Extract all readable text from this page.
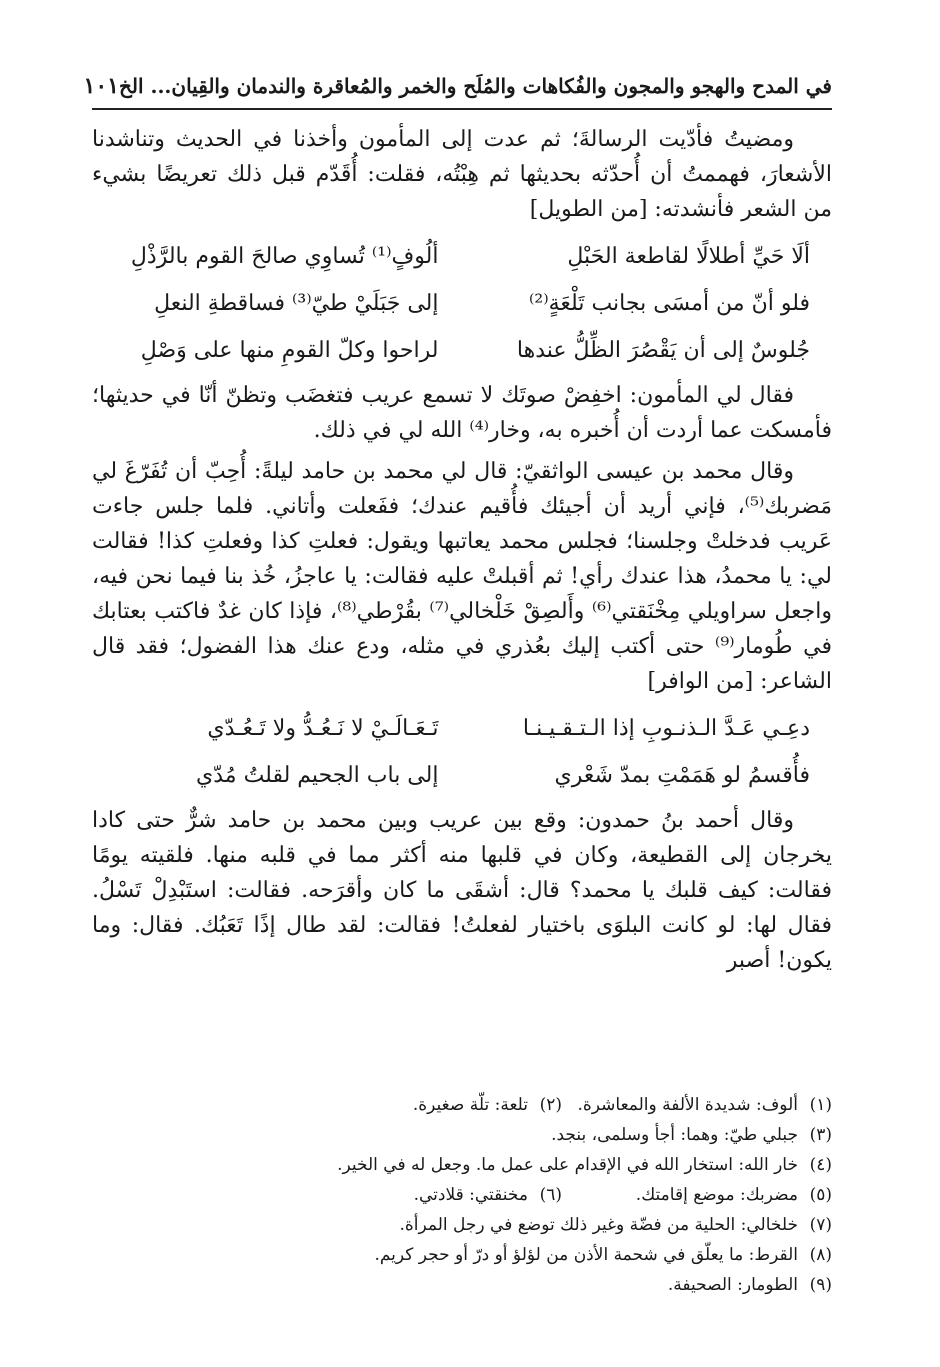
في المدح والهجو والمجون والفُكاهات والمُلَح والخمر والمُعاقرة والندمان والقِيان... الخ
١٠١

ومضيتُ فأدّيت الرسالةَ؛ ثم عدت إلى المأمون وأخذنا في الحديث وتناشدنا الأشعارَ، فهممتُ أن أُحدّثه بحديثها ثم هِبْتُه، فقلت: أُقَدّم قبل ذلك تعريضًا بشيء من الشعر فأنشدته: [من الطويل]

ألَا حَيِّ أطلالًا لقاطعة الحَبْلِ
ألُوفٍ⁽¹⁾ تُساوِي صالحَ القوم بالرَّذْلِ
فلو أنّ من أمسَى بجانب تَلْعَةٍ⁽²⁾
إلى جَبَلَيْ طيّ⁽³⁾ فساقطةِ النعلِ
جُلوسٌ إلى أن يَقْصُرَ الظِّلُّ عندها
لراحوا وكلّ القومِ منها على وَصْلِ

فقال لي المأمون: اخفِضْ صوتَك لا تسمع عريب فتغضَب وتظنّ أنّا في حديثها؛ فأمسكت عما أردت أن أُخبره به، وخار⁽⁴⁾ الله لي في ذلك.

وقال محمد بن عيسى الواثقيّ: قال لي محمد بن حامد ليلةً: أُحِبّ أن تُفَرّغَ لي مَضربك⁽⁵⁾، فإني أريد أن أجيئك فأُقيم عندك؛ ففَعلت وأتاني. فلما جلس جاءت عَريب فدخلتْ وجلسنا؛ فجلس محمد يعاتبها ويقول: فعلتِ كذا وفعلتِ كذا! فقالت لي: يا محمدُ، هذا عندك رأي! ثم أقبلتْ عليه فقالت: يا عاجزُ، خُذ بنا فيما نحن فيه، واجعل سراويلي مِخْنَقتي⁽⁶⁾ وأَلصِقْ خَلْخالي⁽⁷⁾ بقُرْطي⁽⁸⁾، فإذا كان غدٌ فاكتب بعتابك في طُومار⁽⁹⁾ حتى أكتب إليك بعُذري في مثله، ودع عنك هذا الفضول؛ فقد قال الشاعر: [من الوافر]

دعِـي عَـدَّ الـذنـوبِ إذا الـتـقـيـنـا
تَـعَـالَـيْ لا نَـعُـدُّ ولا تَـعُـدّي
فأُقسمُ لو هَمَمْتِ بمدّ شَعْري
إلى باب الجحيم لقلتُ مُدّي

وقال أحمد بنُ حمدون: وقع بين عريب وبين محمد بن حامد شرٌّ حتى كادا يخرجان إلى القطيعة، وكان في قلبها منه أكثر مما في قلبه منها. فلقيته يومًا فقالت: كيف قلبك يا محمد؟ قال: أشقَى ما كان وأقرَحه. فقالت: استَبْدِلْ تَسْلُ. فقال لها: لو كانت البلوَى باختيار لفعلتُ! فقالت: لقد طال إذًا تَعَبُك. فقال: وما يكون! أصبر

(١)
ألوف: شديدة الألفة والمعاشرة.
(٢)
تلعة: تلّة صغيرة.
(٣)
جبلي طيّ: وهما: أجأ وسلمى، بنجد.
(٤)
خار الله: استخار الله في الإقدام على عمل ما. وجعل له في الخير.
(٥)
مضربك: موضع إقامتك.
(٦)
مخنقتي: قلادتي.
(٧)
خلخالي: الحلية من فضّة وغير ذلك توضع في رجل المرأة.
(٨)
القرط: ما يعلّق في شحمة الأذن من لؤلؤ أو درّ أو حجر كريم.
(٩)
الطومار: الصحيفة.
